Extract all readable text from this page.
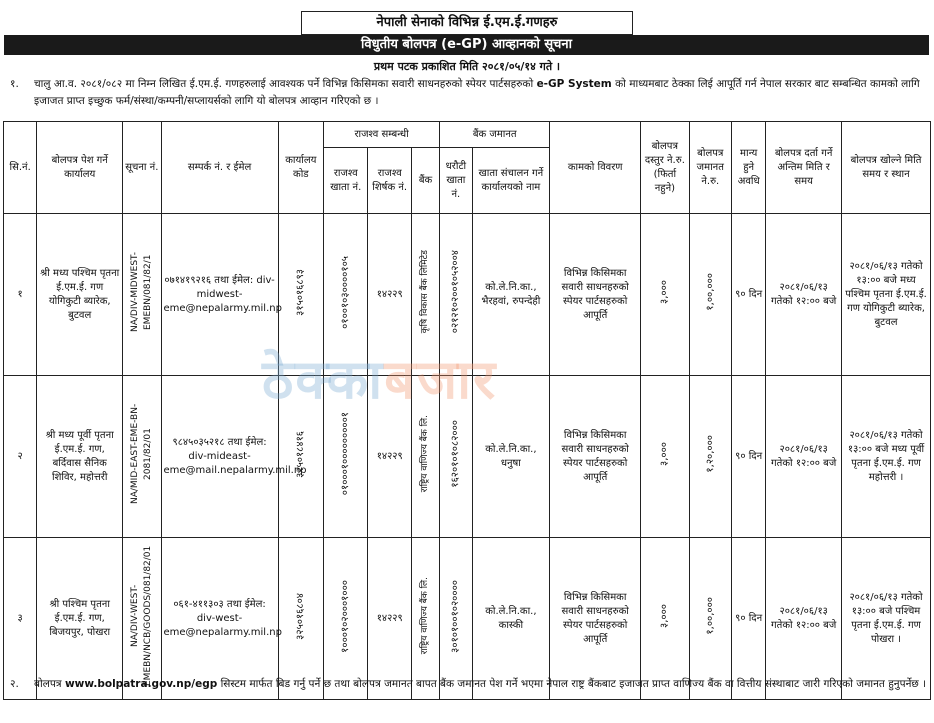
नेपाली सेनाको विभिन्न ई.एम.ई.गणहरु
विधुतीय बोलपत्र (e-GP) आव्हानको सूचना
प्रथम पटक प्रकाशित मिति २०८१/०५/१४ गते ।
१. चालु आ.व. २०८१/०८२ मा निम्न लिखित ई.एम.ई. गणहरुलाई आवश्यक पर्ने विभिन्न किसिमका सवारी साधनहरुको स्पेयर पार्टसहरुको e-GP System को माध्यमबाट ठेक्का लिई आपूर्ति गर्न नेपाल सरकार बाट सम्बन्धित कामको लागि इजाजत प्राप्त इच्छुक फर्म/संस्था/कम्पनी/सप्लायर्सको लागि यो बोलपत्र आव्हान गरिएको छ ।
सि.नं.	बोलपत्र पेश गर्ने कार्यालय	सूचना नं.	सम्पर्क नं. र ईमेल	कार्यालय कोड	राजश्व सम्बन्धी			बैंक जमानत		कामको विवरण	बोलपत्र दस्तुर ने.रु. (फिर्ता नहुने)	बोलपत्र जमानत ने.रु.	मान्य हुने अवधि	बोलपत्र दर्ता गर्ने अन्तिम मिति र समय	बोलपत्र खोल्ने मिति समय र स्थान
					राजश्व खाता नं.	राजश्व शिर्षक नं.	बैंक	धरौटी खाता नं.	खाता संचालन गर्ने कार्यालयको नाम						
१	श्री मध्य पश्चिम पृतना ई.एम.ई. गण योगिकुटी ब्यारेक, बुटवल	NA/DIV-MIDWEST-EMEBN/081/82/1	०७१४१९२१६ तथा ईमेल: div-midwest-eme@nepalarmy.mil.np	३१५०१६८९३	०१००१०३००००१०५	१४२२९	कृषि विकास बैंक लिमिटेड	०२१२१०२००१०५२००४	को.ले.नि.का., भैरहवां, रुपन्देही	विभिन्न किसिमका सवारी साधनहरुको स्पेयर पार्टसहरुको आपूर्ति	३,०००	१,००,०००	९० दिन	२०८१/०६/१३ गतेको १२:०० बजे	२०८१/०६/१३ गतेको १३:०० बजे मध्य पश्चिम पृतना ई.एम.ई. गण योगिकुटी ब्यारेक, बुटवल
२	श्री मध्य पूर्वी पृतना ई.एम.ई. गण, बर्दिवास सैनिक शिविर, महोत्तरी	NA/MID-EAST-EME-BN-2081/82/01	९८४५०३५२१८ तथा ईमेल: div-mideast-eme@mail.nepalarmy.mil.np	३२५०१८४१६	०१०००१०००००००००१	१४२२९	राष्ट्रिय वाणिज्य बैंक लि.	१६२०१०१०८२०००	को.ले.नि.का., धनुषा	विभिन्न किसिमका सवारी साधनहरुको स्पेयर पार्टसहरुको आपूर्ति	३,०००	१,२०,०००	९० दिन	२०८१/०६/१३ गतेको १२:०० बजे	२०८१/०६/१३ गतेको १३:०० बजे मध्य पूर्वी पृतना ई.एम.ई. गण महोत्तरी ।
३	श्री पश्चिम पृतना ई.एम.ई. गण, बिजयपुर, पोखरा	NA/DIV-WEST-EMEBN/NCB/GOODS/081/82/01	०६१-४११३०३ तथा ईमेल: div-west-eme@nepalarmy.mil.np	३२५०१६८०४	१०००१०२०००१०००	१४२२९	राष्ट्रिय वाणिज्य बैंक लि.	३०१०१००१०२००००	को.ले.नि.का., कास्की	विभिन्न किसिमका सवारी साधनहरुको स्पेयर पार्टसहरुको आपूर्ति	३,०००	१,००,०००	९० दिन	२०८१/०६/१३ गतेको १२:०० बजे	२०८१/०६/१३ गतेको १३:०० बजे पश्चिम पृतना ई.एम.ई. गण पोखरा ।
२. बोलपत्र www.bolpatra.gov.np/egp सिस्टम मार्फत बिड गर्नु पर्ने छ तथा बोलपत्र जमानत बापत बैंक जमानत पेश गर्ने भएमा नेपाल राष्ट्र बैंकबाट इजाजत प्राप्त वाणिज्य बैंक वा वित्तीय संस्थाबाट जारी गरिएको जमानत हुनुपर्नेछ ।
ठेक्काबजार
